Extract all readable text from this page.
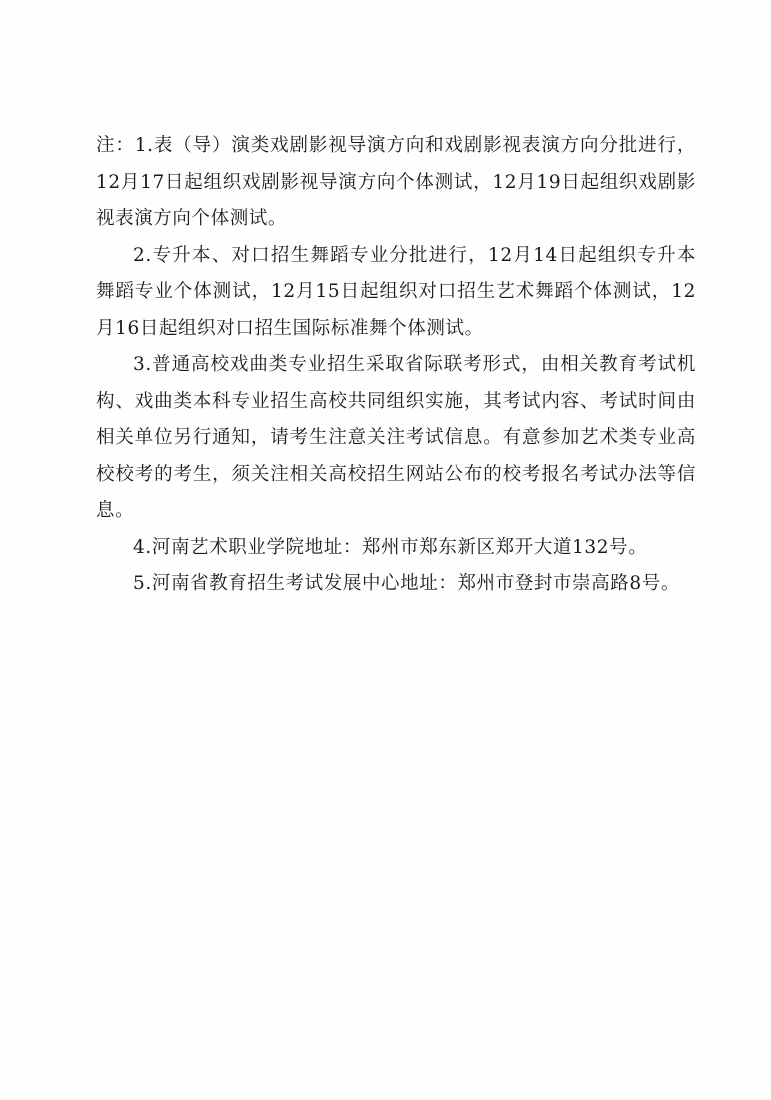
注：1.表（导）演类戏剧影视导演方向和戏剧影视表演方向分批进行，12月17日起组织戏剧影视导演方向个体测试，12月19日起组织戏剧影视表演方向个体测试。

2.专升本、对口招生舞蹈专业分批进行，12月14日起组织专升本舞蹈专业个体测试，12月15日起组织对口招生艺术舞蹈个体测试，12月16日起组织对口招生国际标准舞个体测试。

3.普通高校戏曲类专业招生采取省际联考形式，由相关教育考试机构、戏曲类本科专业招生高校共同组织实施，其考试内容、考试时间由相关单位另行通知，请考生注意关注考试信息。有意参加艺术类专业高校校考的考生，须关注相关高校招生网站公布的校考报名考试办法等信息。

4.河南艺术职业学院地址：郑州市郑东新区郑开大道132号。

5.河南省教育招生考试发展中心地址：郑州市登封市崇高路8号。
